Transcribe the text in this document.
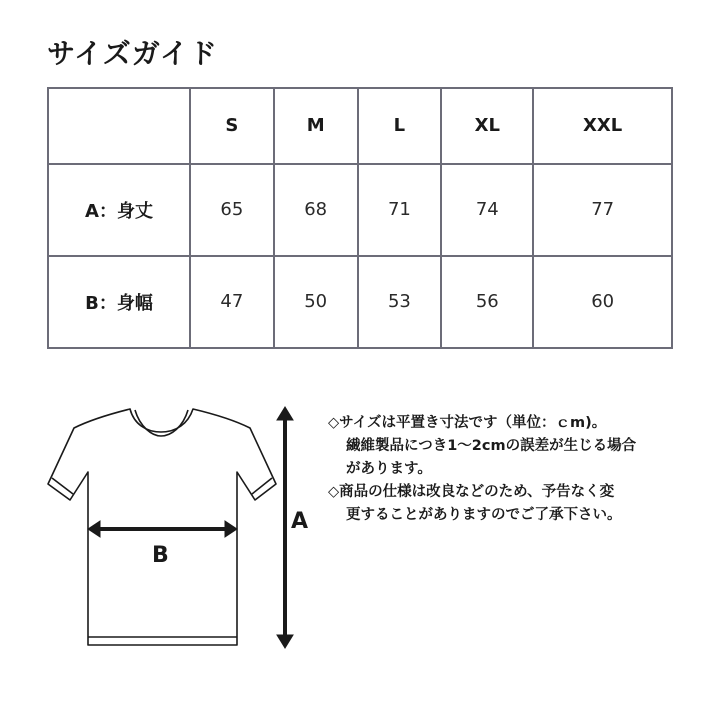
サイズガイド
	S	M	L	XL	XXL
A：身丈	65	68	71	74	77
B：身幅	47	50	53	56	60
A
B
◇サイズは平置き寸法です（単位：ｃm)。
繊維製品につき1〜2cmの誤差が生じる場合
があります。
◇商品の仕様は改良などのため、予告なく変
更することがありますのでご了承下さい。
